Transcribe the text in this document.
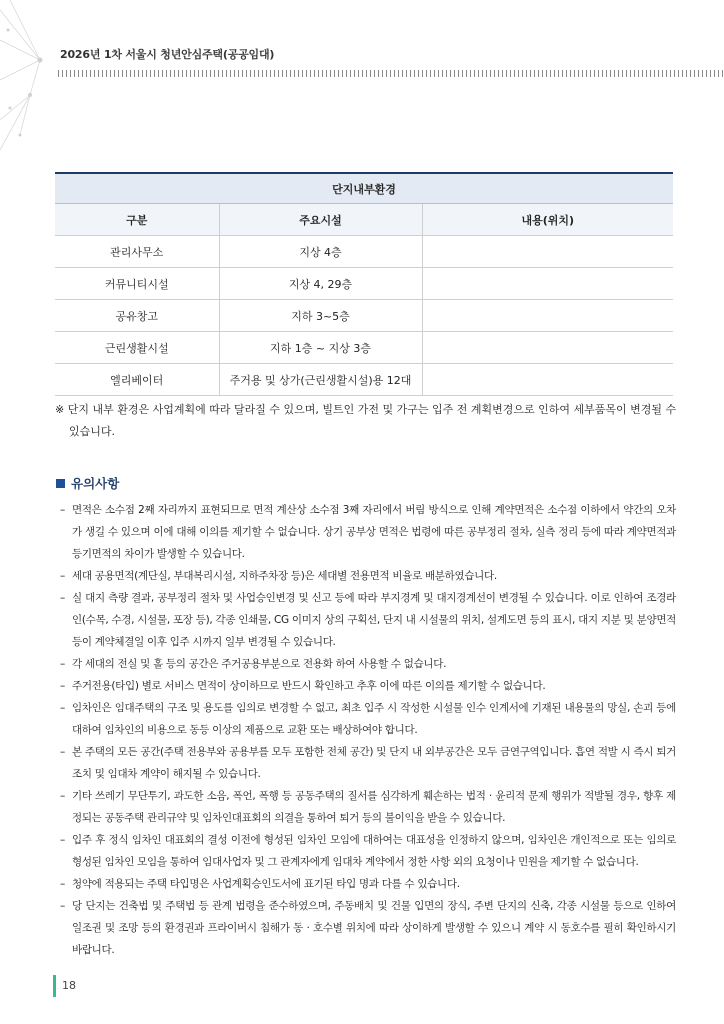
2026년 1차 서울시 청년안심주택(공공임대)
단지내부환경		
구분	주요시설	내용(위치)
관리사무소	지상 4층	
커뮤니티시설	지상 4, 29층	
공유창고	지하 3~5층	
근린생활시설	지하 1층 ~ 지상 3층	
엘리베이터	주거용 및 상가(근린생활시설)용 12대	
※ 단지 내부 환경은 사업계획에 따라 달라질 수 있으며, 빌트인 가전 및 가구는 입주 전 계획변경으로 인하여 세부품목이 변경될 수 있습니다.
유의사항
– 면적은 소수점 2째 자리까지 표현되므로 면적 계산상 소수점 3째 자리에서 버림 방식으로 인해 계약면적은 소수점 이하에서 약간의 오차가 생길 수 있으며 이에 대해 이의를 제기할 수 없습니다. 상기 공부상 면적은 법령에 따른 공부정리 절차, 실측 정리 등에 따라 계약면적과 등기면적의 차이가 발생할 수 있습니다.
– 세대 공용면적(계단실, 부대복리시설, 지하주차장 등)은 세대별 전용면적 비율로 배분하였습니다.
– 실 대지 측량 결과, 공부정리 절차 및 사업승인변경 및 신고 등에 따라 부지경계 및 대지경계선이 변경될 수 있습니다. 이로 인하여 조경라인(수목, 수경, 시설물, 포장 등), 각종 인쇄물, CG 이미지 상의 구획선, 단지 내 시설물의 위치, 설계도면 등의 표시, 대지 지분 및 분양면적 등이 계약체결일 이후 입주 시까지 일부 변경될 수 있습니다.
– 각 세대의 전실 및 홀 등의 공간은 주거공용부분으로 전용화 하여 사용할 수 없습니다.
– 주거전용(타입) 별로 서비스 면적이 상이하므로 반드시 확인하고 추후 이에 따른 이의를 제기할 수 없습니다.
– 임차인은 임대주택의 구조 및 용도를 임의로 변경할 수 없고, 최초 입주 시 작성한 시설물 인수 인계서에 기재된 내용물의 망실, 손괴 등에 대하여 임차인의 비용으로 동등 이상의 제품으로 교환 또는 배상하여야 합니다.
– 본 주택의 모든 공간(주택 전용부와 공용부를 모두 포함한 전체 공간) 및 단지 내 외부공간은 모두 금연구역입니다. 흡연 적발 시 즉시 퇴거조치 및 임대차 계약이 해지될 수 있습니다.
– 기타 쓰레기 무단투기, 과도한 소음, 폭언, 폭행 등 공동주택의 질서를 심각하게 훼손하는 법적 · 윤리적 문제 행위가 적발될 경우, 향후 제정되는 공동주택 관리규약 및 임차인대표회의 의결을 통하여 퇴거 등의 불이익을 받을 수 있습니다.
– 입주 후 정식 임차인 대표회의 결성 이전에 형성된 임차인 모임에 대하여는 대표성을 인정하지 않으며, 임차인은 개인적으로 또는 임의로 형성된 임차인 모임을 통하여 임대사업자 및 그 관계자에게 임대차 계약에서 정한 사항 외의 요청이나 민원을 제기할 수 없습니다.
– 청약에 적용되는 주택 타입명은 사업계획승인도서에 표기된 타입 명과 다를 수 있습니다.
– 당 단지는 건축법 및 주택법 등 관계 법령을 준수하였으며, 주동배치 및 건물 입면의 장식, 주변 단지의 신축, 각종 시설물 등으로 인하여 일조권 및 조망 등의 환경권과 프라이버시 침해가 동 · 호수별 위치에 따라 상이하게 발생할 수 있으니 계약 시 동호수를 필히 확인하시기 바랍니다.
18
